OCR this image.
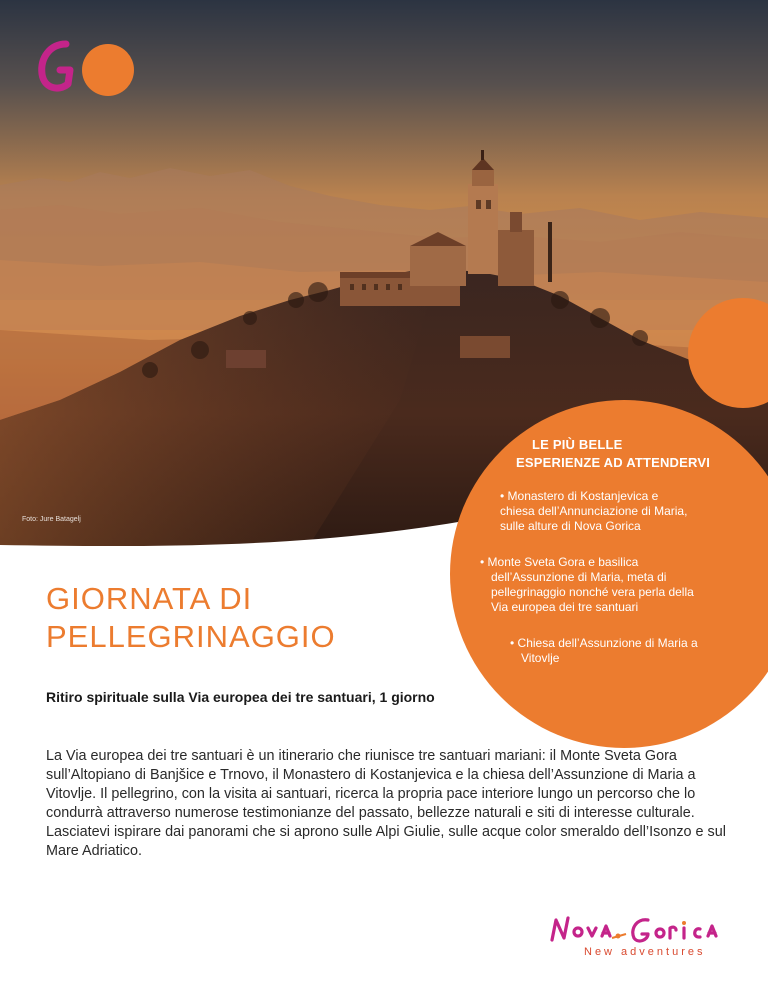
Foto: Jure Batagelj
LE PIÙ BELLE
ESPERIENZE AD ATTENDERVI
• Monastero di Kostanjevica e
chiesa dell’Annunciazione di Maria,
sulle alture di Nova Gorica
• Monte Sveta Gora e basilica
dell’Assunzione di Maria, meta di
pellegrinaggio nonché vera perla della
Via europea dei tre santuari
• Chiesa dell’Assunzione di Maria a
Vitovlje
GIORNATA DI
PELLEGRINAGGIO
Ritiro spirituale sulla Via europea dei tre santuari, 1 giorno
La Via europea dei tre santuari è un itinerario che riunisce tre santuari mariani: il Monte Sveta Gora sull’Altopiano di Banjšice e Trnovo, il Monastero di Kostanjevica e la chiesa dell’Assunzione di Maria a Vitovlje. Il pellegrino, con la visita ai santuari, ricerca la propria pace interiore lungo un percorso che lo condurrà attraverso numerose testimonianze del passato, bellezze naturali e siti di interesse culturale. Lasciatevi ispirare dai panorami che si aprono sulle Alpi Giulie, sulle acque color smeraldo dell’Isonzo e sul Mare Adriatico.
New adventures
